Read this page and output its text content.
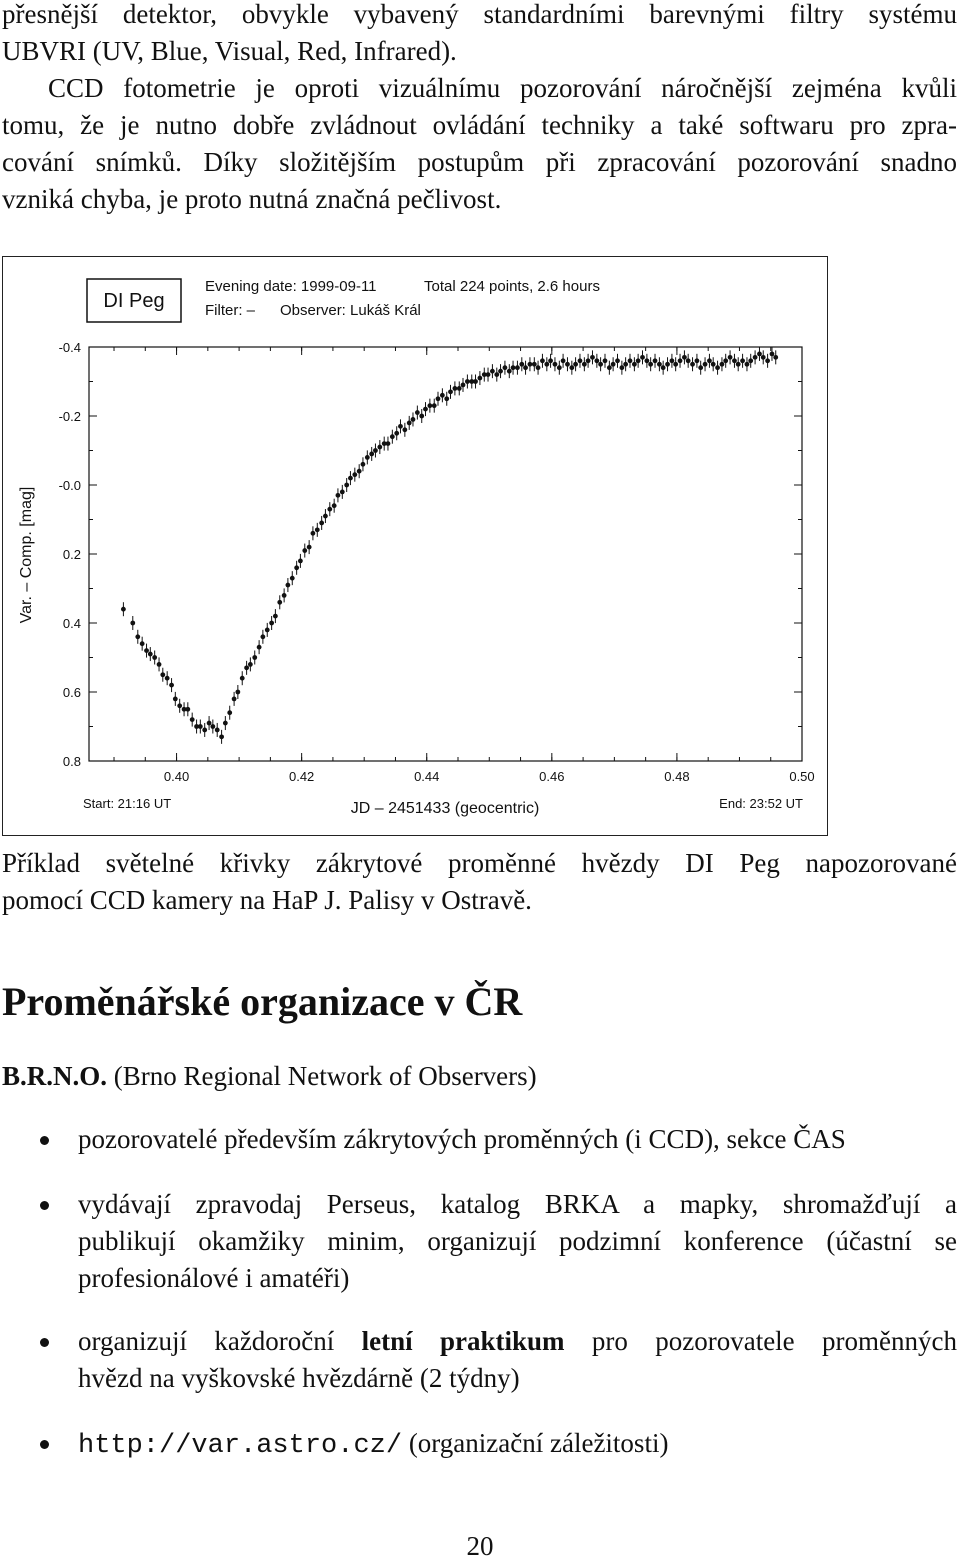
přesnější detektor, obvykle vybavený standardními barevnými filtry systému
UBVRI (UV, Blue, Visual, Red, Infrared).
CCD fotometrie je oproti vizuálnímu pozorování náročnější zejména kvůli
tomu, že je nutno dobře zvládnout ovládání techniky a také softwaru pro zpra-
cování snímků. Díky složitějším postupům při zpracování pozorování snadno
vzniká chyba, je proto nutná značná pečlivost.
DI Peg
Evening date: 1999-09-11	Total 224 points, 2.6 hours
Filter: – Observer: Lukáš Král
-0.4
-0.2
-0.0
0.2
0.4
0.6
0.8
0.40	0.42	0.44	0.46	0.48	0.50
Var. – Comp. [mag]
Start: 21:16 UT	JD – 2451433 (geocentric)	End: 23:52 UT
Příklad světelné křivky zákrytové proměnné hvězdy DI Peg napozorované
pomocí CCD kamery na HaP J. Palisy v Ostravě.
Proměnářské organizace v ČR
B.R.N.O. (Brno Regional Network of Observers)
pozorovatelé především zákrytových proměnných (i CCD), sekce ČAS
vydávají zpravodaj Perseus, katalog BRKA a mapky, shromažďují a
publikují okamžiky minim, organizují podzimní konference (účastní se
profesionálové i amatéři)
organizují každoroční letní praktikum pro pozorovatele proměnných
hvězd na vyškovské hvězdárně (2 týdny)
http://var.astro.cz/ (organizační záležitosti)
20
